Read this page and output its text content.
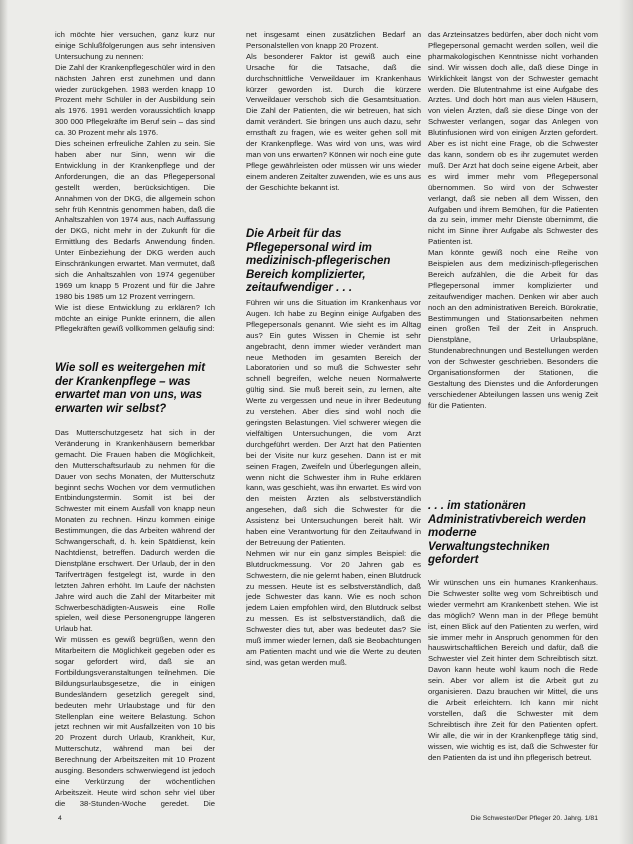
ich möchte hier versuchen, ganz kurz nur einige Schlußfolgerungen aus sehr intensiven Untersuchung zu nennen:

Die Zahl der Krankenpflegeschüler wird in den nächsten Jahren erst zunehmen und dann wieder zurückgehen. 1983 werden knapp 10 Prozent mehr Schüler in der Ausbildung sein als 1976. 1991 werden voraussichtlich knapp 300 000 Pflegekräfte im Beruf sein – das sind ca. 30 Prozent mehr als 1976.

Dies scheinen erfreuliche Zahlen zu sein. Sie haben aber nur Sinn, wenn wir die Entwicklung in der Krankenpflege und der Anforderungen, die an das Pflegepersonal gestellt werden, berücksichtigen. Die Annahmen von der DKG, die allgemein schon sehr früh Kenntnis genommen haben, daß die Anhaltszahlen von 1974 aus, nach Auffassung der DKG, nicht mehr in der Zukunft für die Ermittlung des Bedarfs Anwendung finden. Unter Einbeziehung der DKG werden auch Einschränkungen erwartet. Man vermutet, daß sich die Anhaltszahlen von 1974 gegenüber 1969 um knapp 5 Prozent und für die Jahre 1980 bis 1985 um 12 Prozent verringern.

Wie ist diese Entwicklung zu erklären? Ich möchte an einige Punkte erinnern, die allen Pflegekräften gewiß vollkommen geläufig sind:

Wie soll es weitergehen mit der Krankenpflege – was erwartet man von uns, was erwarten wir selbst?

Das Mutterschutzgesetz hat sich in der Veränderung in Krankenhäusern bemerkbar gemacht. Die Frauen haben die Möglichkeit, den Mutterschaftsurlaub zu nehmen für die Dauer von sechs Monaten, der Mutterschutz beginnt sechs Wochen vor dem vermutlichen Entbindungstermin. Somit ist bei der Schwester mit einem Ausfall von knapp neun Monaten zu rechnen. Hinzu kommen einige Bestimmungen, die das Arbeiten während der Schwangerschaft, d. h. kein Spätdienst, kein Nachtdienst, betreffen. Dadurch werden die Dienstpläne erschwert. Der Urlaub, der in den Tarifverträgen festgelegt ist, wurde in den letzten Jahren erhöht. Im Laufe der nächsten Jahre wird auch die Zahl der Mitarbeiter mit Schwerbeschädigten-Ausweis eine Rolle spielen, weil diese Personengruppe längeren Urlaub hat.

Wir müssen es gewiß begrüßen, wenn den Mitarbeitern die Möglichkeit gegeben oder es sogar gefordert wird, daß sie an Fortbildungsveranstaltungen teilnehmen. Die Bildungsurlaubsgesetze, die in einigen Bundesländern gesetzlich geregelt sind, bedeuten mehr Urlaubstage und für den Stellenplan eine weitere Belastung. Schon jetzt rechnen wir mit Ausfallzeiten von 10 bis 20 Prozent durch Urlaub, Krankheit, Kur, Mutterschutz, während man bei der Berechnung der Arbeitszeiten mit 10 Prozent ausging. Besonders schwerwiegend ist jedoch eine Verkürzung der wöchentlichen Arbeitszeit. Heute wird schon sehr viel über die 38-Stunden-Woche geredet. Die

net insgesamt einen zusätzlichen Bedarf an Personalstellen von knapp 20 Prozent.

Als besonderer Faktor ist gewiß auch eine Ursache für die Tatsache, daß die durchschnittliche Verweildauer im Krankenhaus kürzer geworden ist. Durch die kürzere Verweildauer verschob sich die Gesamtsituation. Die Zahl der Patienten, die wir betreuen, hat sich damit verändert. Sie bringen uns auch dazu, sehr ernsthaft zu fragen, wie es weiter gehen soll mit der Krankenpflege. Was wird von uns, was wird man von uns erwarten? Können wir noch eine gute Pflege gewährleisten oder müssen wir uns wieder einem anderen Zeitalter zuwenden, wie es uns aus der Geschichte bekannt ist.

Die Arbeit für das Pflegepersonal wird im medizinisch-pflegerischen Bereich komplizierter, zeitaufwendiger . . .

Führen wir uns die Situation im Krankenhaus vor Augen. Ich habe zu Beginn einige Aufgaben des Pflegepersonals genannt. Wie sieht es im Alltag aus? Ein gutes Wissen in Chemie ist sehr angebracht, denn immer wieder verändert man neue Methoden im gesamten Bereich der Laboratorien und so muß die Schwester sehr schnell begreifen, welche neuen Normalwerte gültig sind. Sie muß bereit sein, zu lernen, alte Werte zu vergessen und neue in ihrer Bedeutung zu verstehen. Aber dies sind wohl noch die geringsten Belastungen. Viel schwerer wiegen die vielfältigen Untersuchungen, die vom Arzt durchgeführt werden. Der Arzt hat den Patienten bei der Visite nur kurz gesehen. Dann ist er mit seinen Fragen, Zweifeln und Überlegungen allein, wenn nicht die Schwester ihm in Ruhe erklären kann, was geschieht, was ihn erwartet. Es wird von den meisten Ärzten als selbstverständlich angesehen, daß sich die Schwester für die Assistenz bei Untersuchungen bereit hält. Wir haben eine Verantwortung für den Zeitaufwand in der Betreuung der Patienten.

Nehmen wir nur ein ganz simples Beispiel: die Blutdruckmessung. Vor 20 Jahren gab es Schwestern, die nie gelernt haben, einen Blutdruck zu messen. Heute ist es selbstverständlich, daß jede Schwester das kann. Wie es noch schon jedem Laien empfohlen wird, den Blutdruck selbst zu messen. Es ist selbstverständlich, daß die Schwester dies tut, aber was bedeutet das? Sie muß immer wieder lernen, daß sie Beobachtungen am Patienten macht und wie die Werte zu deuten sind, was getan werden muß.

das Arzteinsatzes bedürfen, aber doch nicht vom Pflegepersonal gemacht werden sollen, weil die pharmakologischen Kenntnisse nicht vorhanden sind. Wir wissen doch alle, daß diese Dinge in Wirklichkeit längst von der Schwester gemacht werden. Die Blutentnahme ist eine Aufgabe des Arztes. Und doch hört man aus vielen Häusern, von vielen Ärzten, daß sie diese Dinge von der Schwester verlangen, sogar das Anlegen von Blutinfusionen wird von einigen Ärzten gefordert. Aber es ist nicht eine Frage, ob die Schwester das kann, sondern ob es ihr zugemutet werden muß. Der Arzt hat doch seine eigene Arbeit, aber es wird immer mehr vom Pflegepersonal übernommen. So wird von der Schwester verlangt, daß sie neben all dem Wissen, den Aufgaben und ihrem Bemühen, für die Patienten da zu sein, immer mehr Dienste übernimmt, die nicht im Sinne ihrer Aufgabe als Schwester des Patienten ist.

Man könnte gewiß noch eine Reihe von Beispielen aus dem medizinisch-pflegerischen Bereich aufzählen, die die Arbeit für das Pflegepersonal immer komplizierter und zeitaufwendiger machen. Denken wir aber auch noch an den administrativen Bereich. Bürokratie, Bestimmungen und Stationsarbeiten nehmen einen großen Teil der Zeit in Anspruch. Dienstpläne, Urlaubspläne, Stundenabrechnungen und Bestellungen werden von der Schwester geschrieben. Besonders die Organisationsformen der Stationen, die Gestaltung des Dienstes und die Anforderungen verschiedener Abteilungen lassen uns wenig Zeit für die Patienten.

. . . im stationären Administrativbereich werden moderne Verwaltungstechniken gefordert

Wir wünschen uns ein humanes Krankenhaus. Die Schwester sollte weg vom Schreibtisch und wieder vermehrt am Krankenbett stehen. Wie ist das möglich? Wenn man in der Pflege bemüht ist, einen Blick auf den Patienten zu werfen, wird sie immer mehr in Anspruch genommen für den hauswirtschaftlichen Bereich und dafür, daß die Schwester viel Zeit hinter dem Schreibtisch sitzt. Davon kann heute wohl kaum noch die Rede sein. Aber vor allem ist die Arbeit gut zu organisieren. Dazu brauchen wir Mittel, die uns die Arbeit erleichtern. Ich kann mir nicht vorstellen, daß die Schwester mit dem Schreibtisch ihre Zeit für den Patienten opfert. Wir alle, die wir in der Krankenpflege tätig sind, wissen, wie wichtig es ist, daß die Schwester für den Patienten da ist und ihn pflegerisch betreut.

4	Die Schwester/Der Pfleger 20. Jahrg. 1/81
